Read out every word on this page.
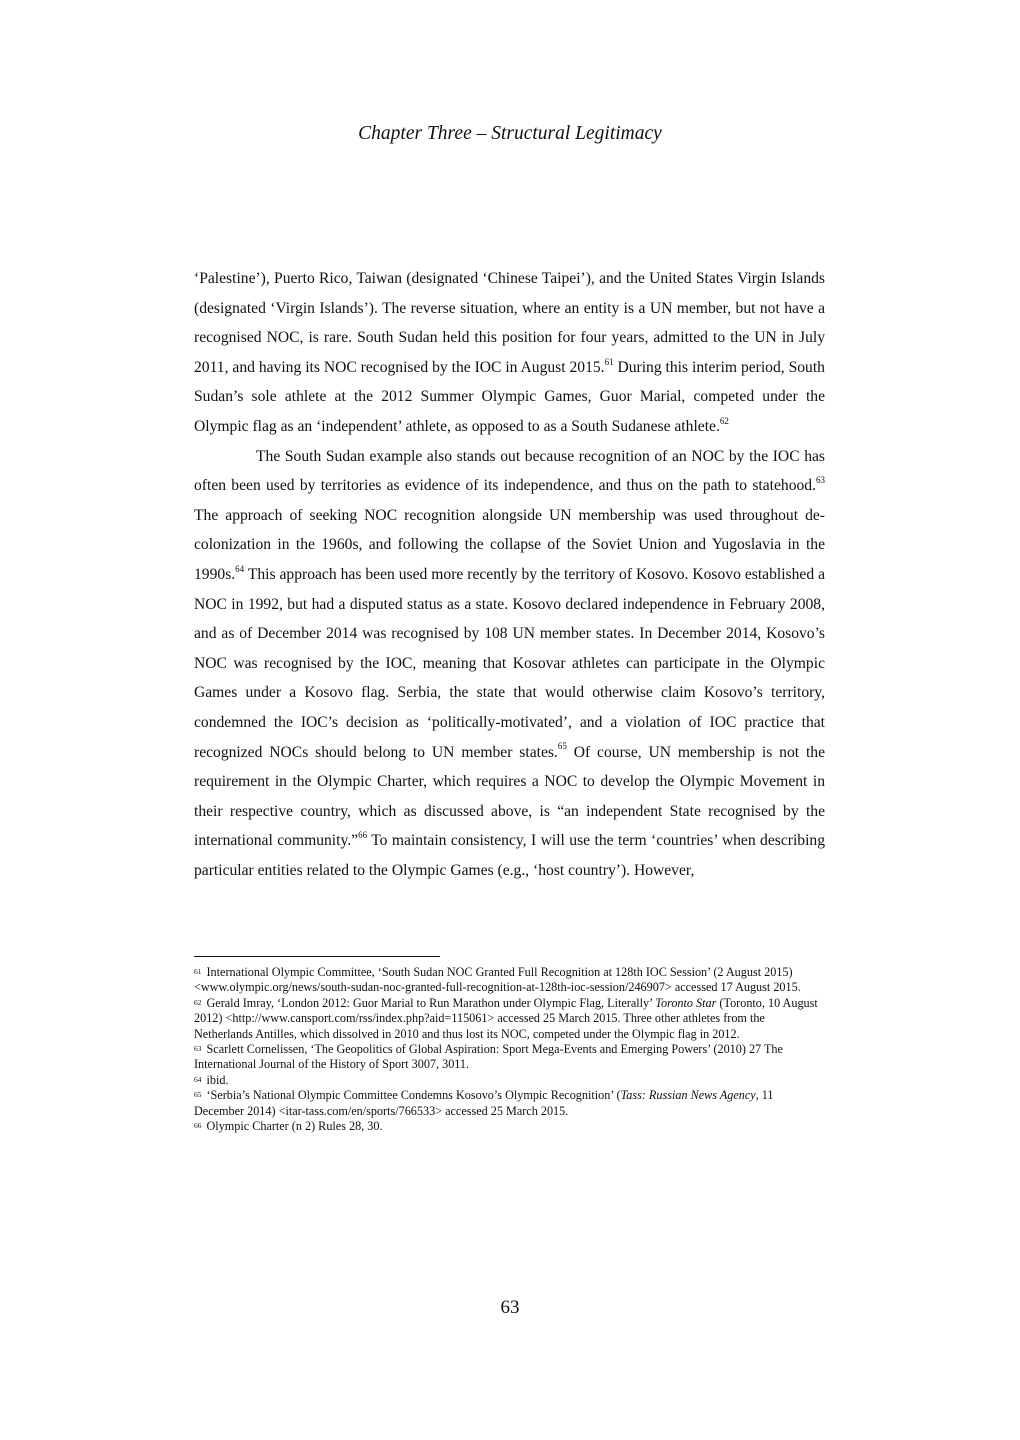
Chapter Three – Structural Legitimacy

‘Palestine’), Puerto Rico, Taiwan (designated ‘Chinese Taipei’), and the United States Virgin Islands (designated ‘Virgin Islands’). The reverse situation, where an entity is a UN member, but not have a recognised NOC, is rare. South Sudan held this position for four years, admitted to the UN in July 2011, and having its NOC recognised by the IOC in August 2015.61 During this interim period, South Sudan’s sole athlete at the 2012 Summer Olympic Games, Guor Marial, competed under the Olympic flag as an ‘independent’ athlete, as opposed to as a South Sudanese athlete.$^{62}$

The South Sudan example also stands out because recognition of an NOC by the IOC has often been used by territories as evidence of its independence, and thus on the path to statehood.$^{63}$ The approach of seeking NOC recognition alongside UN membership was used throughout de-colonization in the 1960s, and following the collapse of the Soviet Union and Yugoslavia in the 1990s.$^{64}$ This approach has been used more recently by the territory of Kosovo. Kosovo established a NOC in 1992, but had a disputed status as a state. Kosovo declared independence in February 2008, and as of December 2014 was recognised by 108 UN member states. In December 2014, Kosovo’s NOC was recognised by the IOC, meaning that Kosovar athletes can participate in the Olympic Games under a Kosovo flag. Serbia, the state that would otherwise claim Kosovo’s territory, condemned the IOC’s decision as ‘politically-motivated’, and a violation of IOC practice that recognized NOCs should belong to UN member states.$^{65}$ Of course, UN membership is not the requirement in the Olympic Charter, which requires a NOC to develop the Olympic Movement in their respective country, which as discussed above, is “an independent State recognised by the international community.”$^{66}$ To maintain consistency, I will use the term ‘countries’ when describing particular entities related to the Olympic Games (e.g., ‘host country’). However,

$^{61}$ International Olympic Committee, ‘South Sudan NOC Granted Full Recognition at 128th IOC Session’ (2 August 2015) <www.olympic.org/news/south-sudan-noc-granted-full-recognition-at-128th-ioc-session/246907> accessed 17 August 2015.

$^{62}$ Gerald Imray, ‘London 2012: Guor Marial to Run Marathon under Olympic Flag, Literally’ Toronto Star (Toronto, 10 August 2012) <http://www.cansport.com/rss/index.php?aid=115061> accessed 25 March 2015. Three other athletes from the Netherlands Antilles, which dissolved in 2010 and thus lost its NOC, competed under the Olympic flag in 2012.

$^{63}$ Scarlett Cornelissen, ‘The Geopolitics of Global Aspiration: Sport Mega-Events and Emerging Powers’ (2010) 27 The International Journal of the History of Sport 3007, 3011.

$^{64}$ ibid.

$^{65}$ ‘Serbia’s National Olympic Committee Condemns Kosovo’s Olympic Recognition’ (Tass: Russian News Agency, 11 December 2014) <itar-tass.com/en/sports/766533> accessed 25 March 2015.

$^{66}$ Olympic Charter (n 2) Rules 28, 30.

63
